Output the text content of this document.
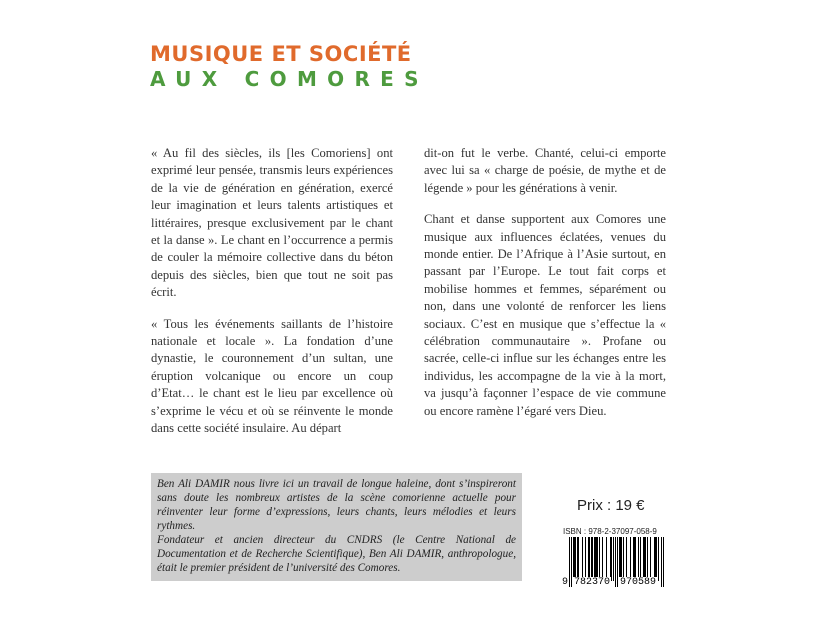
MUSIQUE ET SOCIÉTÉ
AUX COMORES

« Au fil des siècles, ils [les Comoriens] ont exprimé leur pensée, transmis leurs expériences de la vie de génération en génération, exercé leur imagination et leurs talents artistiques et littéraires, presque exclusivement par le chant et la danse ». Le chant en l’occurrence a permis de couler la mémoire collective dans du béton depuis des siècles, bien que tout ne soit pas écrit.

« Tous les événements saillants de l’histoire nationale et locale ». La fondation d’une dynastie, le couronnement d’un sultan, une éruption volcanique ou encore un coup d’Etat… le chant est le lieu par excellence où s’exprime le vécu et où se réinvente le monde dans cette société insulaire. Au départ

dit-on fut le verbe. Chanté, celui-ci emporte avec lui sa « charge de poésie, de mythe et de légende » pour les générations à venir.

Chant et danse supportent aux Comores une musique aux influences éclatées, venues du monde entier. De l’Afrique à l’Asie surtout, en passant par l’Europe. Le tout fait corps et mobilise hommes et femmes, séparément ou non, dans une volonté de renforcer les liens sociaux. C’est en musique que s’effectue la « célébration communautaire ». Profane ou sacrée, celle-ci influe sur les échanges entre les individus, les accompagne de la vie à la mort, va jusqu’à façonner l’espace de vie commune ou encore ramène l’égaré vers Dieu.

Ben Ali DAMIR nous livre ici un travail de longue haleine, dont s’inspireront sans doute les nombreux artistes de la scène comorienne actuelle pour réinventer leur forme d’expressions, leurs chants, leurs mélodies et leurs rythmes.

Fondateur et ancien directeur du CNDRS (le Centre National de Documentation et de Recherche Scientifique), Ben Ali DAMIR, anthropologue, était le premier président de l’université des Comores.

Prix : 19 €
ISBN : 978-2-37097-058-9
9 782370 970589
